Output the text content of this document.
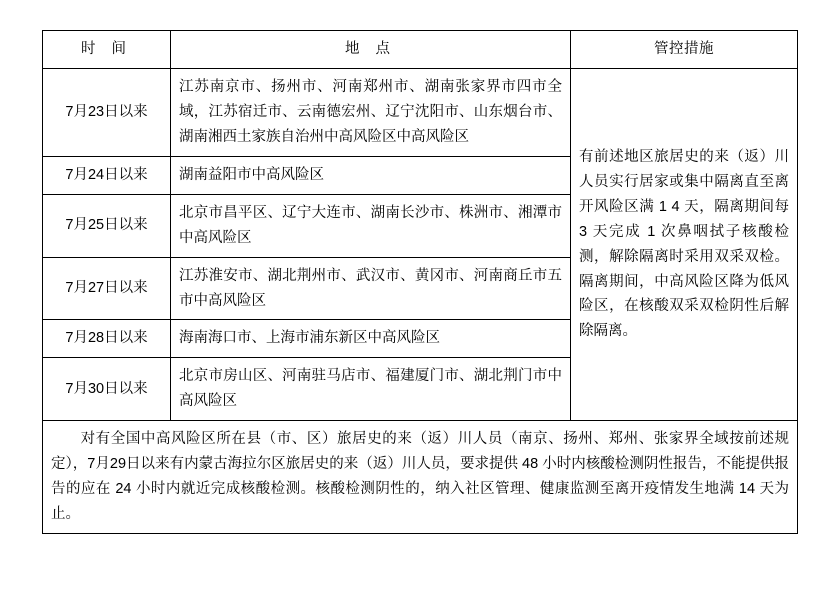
时 间	地 点	管控措施
7月23日以来	江苏南京市、扬州市、河南郑州市、湖南张家界市四市全域，江苏宿迁市、云南德宏州、辽宁沈阳市、山东烟台市、湖南湘西土家族自治州中高风险区中高风险区	有前述地区旅居史的来（返）川人员实行居家或集中隔离直至离开风险区满 1 4 天，隔离期间每 3 天完成 1 次鼻咽拭子核酸检测，解除隔离时采用双采双检。隔离期间，中高风险区降为低风险区，在核酸双采双检阴性后解除隔离。
7月24日以来	湖南益阳市中高风险区	
7月25日以来	北京市昌平区、辽宁大连市、湖南长沙市、株洲市、湘潭市中高风险区	
7月27日以来	江苏淮安市、湖北荆州市、武汉市、黄冈市、河南商丘市五市中高风险区	
7月28日以来	海南海口市、上海市浦东新区中高风险区	
7月30日以来	北京市房山区、河南驻马店市、福建厦门市、湖北荆门市中高风险区	
对有全国中高风险区所在县（市、区）旅居史的来（返）川人员（南京、扬州、郑州、张家界全域按前述规定），7月29日以来有内蒙古海拉尔区旅居史的来（返）川人员，要求提供 48 小时内核酸检测阴性报告，不能提供报告的应在 24 小时内就近完成核酸检测。核酸检测阴性的，纳入社区管理、健康监测至离开疫情发生地满 14 天为止。		
